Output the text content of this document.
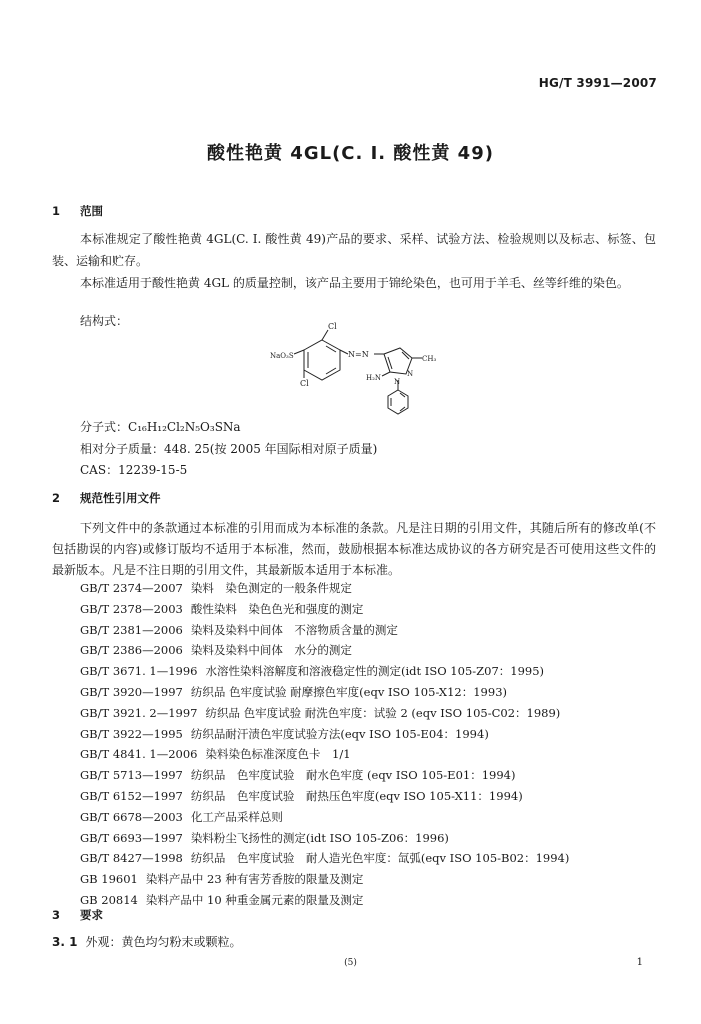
HG/T 3991—2007
酸性艳黄 4GL(C. I. 酸性黄 49)
1 范围
本标准规定了酸性艳黄 4GL(C. I. 酸性黄 49)产品的要求、采样、试验方法、检验规则以及标志、标签、包装、运输和贮存。
本标准适用于酸性艳黄 4GL 的质量控制，该产品主要用于锦纶染色，也可用于羊毛、丝等纤维的染色。
结构式：	Cl
NaO₃S	N=N	CH₃
Cl
H₂N	N
N
分子式：C₁₆H₁₂Cl₂N₅O₃SNa
相对分子质量：448. 25(按 2005 年国际相对原子质量)
CAS：12239-15-5
2 规范性引用文件
下列文件中的条款通过本标准的引用而成为本标准的条款。凡是注日期的引用文件，其随后所有的修改单(不包括勘误的内容)或修订版均不适用于本标准，然而，鼓励根据本标准达成协议的各方研究是否可使用这些文件的最新版本。凡是不注日期的引用文件，其最新版本适用于本标准。
GB/T 2374—2007 染料　染色测定的一般条件规定
GB/T 2378—2003 酸性染料　染色色光和强度的测定
GB/T 2381—2006 染料及染料中间体　不溶物质含量的测定
GB/T 2386—2006 染料及染料中间体　水分的测定
GB/T 3671. 1—1996 水溶性染料溶解度和溶液稳定性的测定(idt ISO 105-Z07：1995)
GB/T 3920—1997 纺织品 色牢度试验 耐摩擦色牢度(eqv ISO 105-X12：1993)
GB/T 3921. 2—1997 纺织品 色牢度试验 耐洗色牢度：试验 2 (eqv ISO 105-C02：1989)
GB/T 3922—1995 纺织品耐汗渍色牢度试验方法(eqv ISO 105-E04：1994)
GB/T 4841. 1—2006 染料染色标准深度色卡　1/1
GB/T 5713—1997 纺织品　色牢度试验　耐水色牢度 (eqv ISO 105-E01：1994)
GB/T 6152—1997 纺织品　色牢度试验　耐热压色牢度(eqv ISO 105-X11：1994)
GB/T 6678—2003 化工产品采样总则
GB/T 6693—1997 染料粉尘飞扬性的测定(idt ISO 105-Z06：1996)
GB/T 8427—1998 纺织品　色牢度试验　耐人造光色牢度：氙弧(eqv ISO 105-B02：1994)
GB 19601 染料产品中 23 种有害芳香胺的限量及测定
GB 20814 染料产品中 10 种重金属元素的限量及测定
3 要求
3. 1 外观：黄色均匀粉末或颗粒。
(5)	1
